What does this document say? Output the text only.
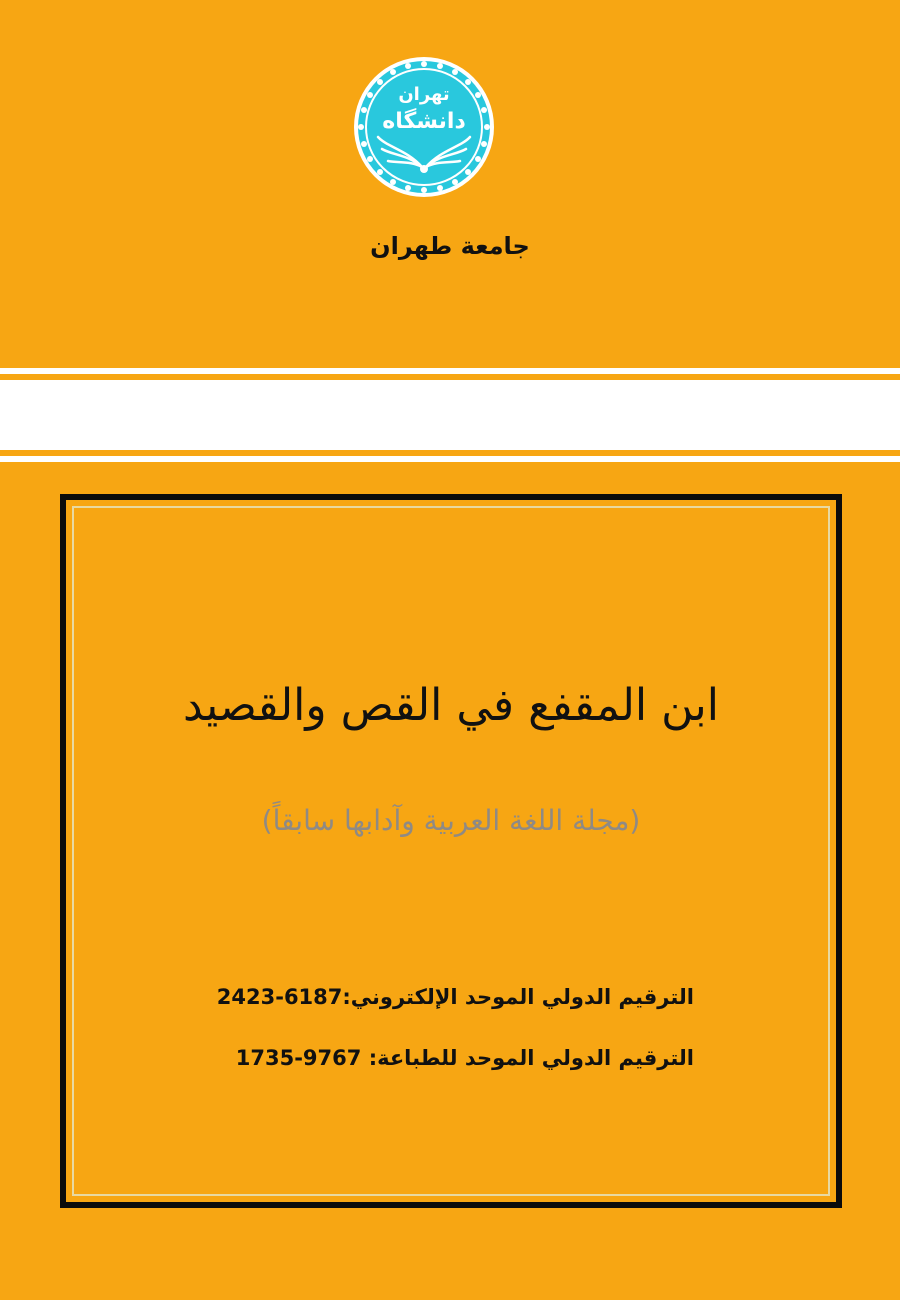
تهران
دانشگاه
جامعة طهران
ابن المقفع في القص والقصيد
(مجلة اللغة العربية وآدابها سابقاً)
الترقيم الدولي الموحد الإلكتروني:2423-6187
الترقيم الدولي الموحد للطباعة: 1735-9767
